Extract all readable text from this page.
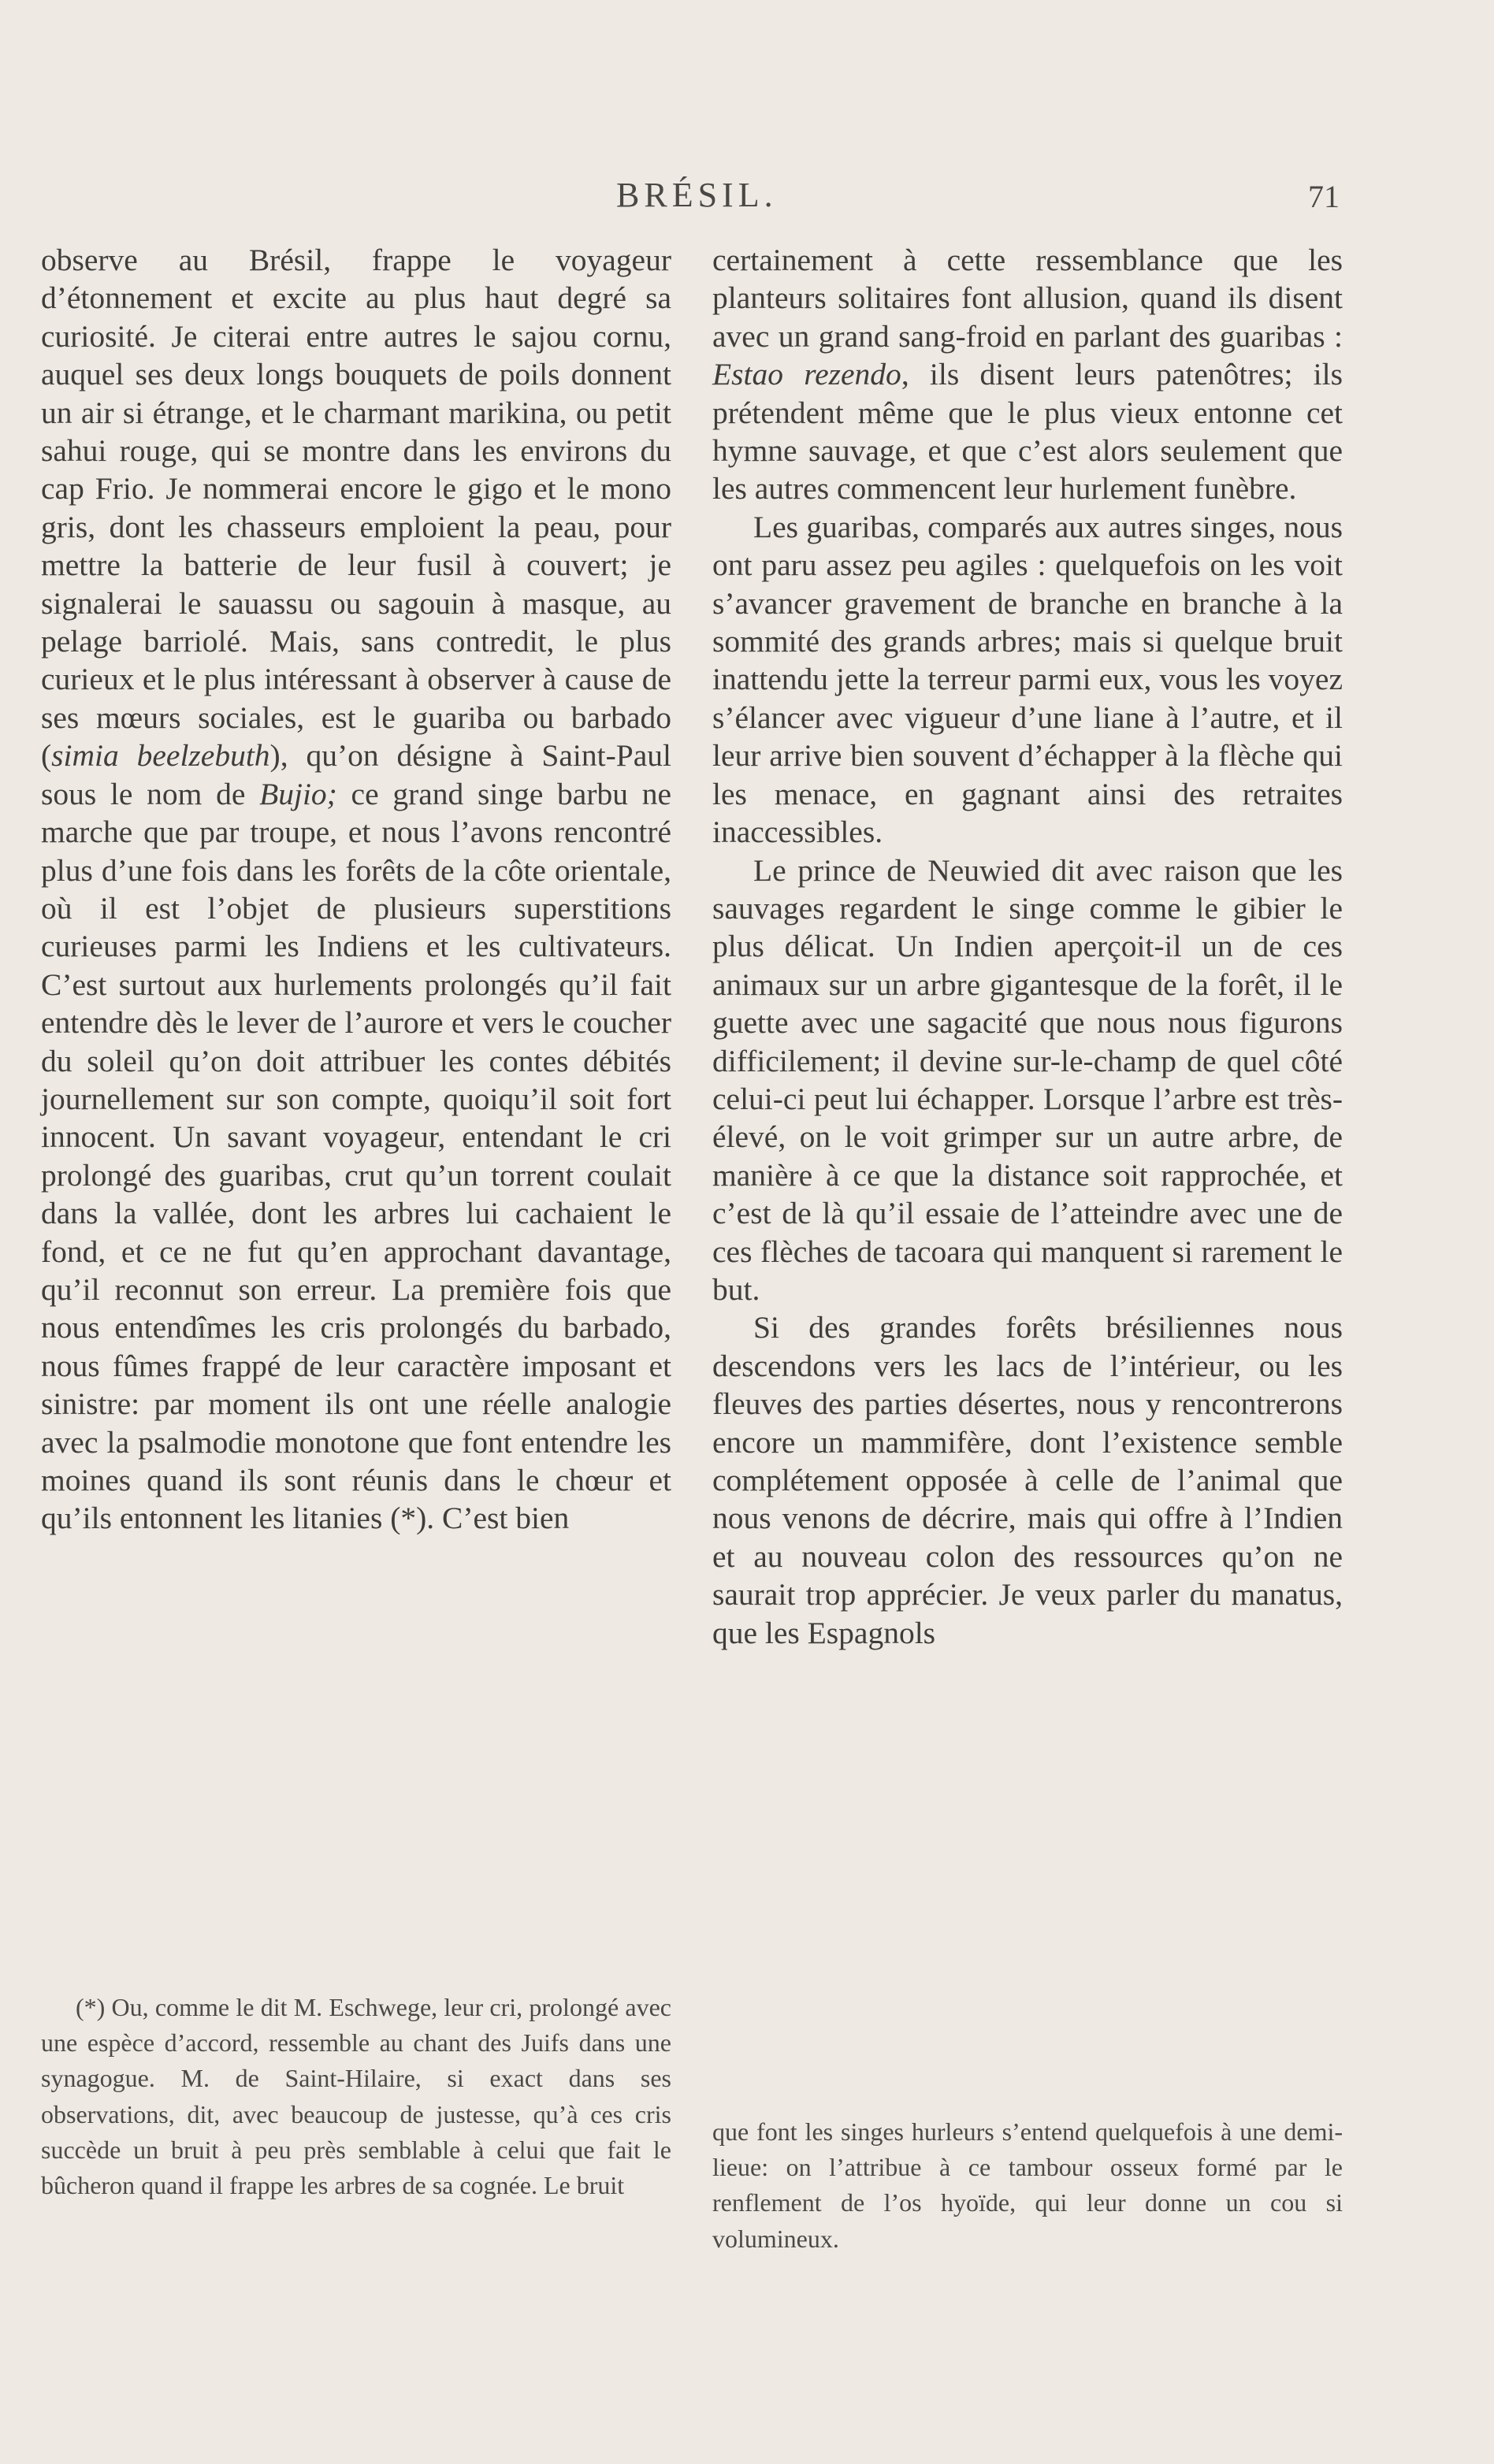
BRÉSIL.	71

observe au Brésil, frappe le voyageur d’étonnement et excite au plus haut degré sa curiosité. Je citerai entre autres le sajou cornu, auquel ses deux longs bouquets de poils donnent un air si étrange, et le charmant marikina, ou petit sahui rouge, qui se montre dans les environs du cap Frio. Je nommerai encore le gigo et le mono gris, dont les chasseurs emploient la peau, pour mettre la batterie de leur fusil à couvert; je signalerai le sauassu ou sagouin à masque, au pelage barriolé. Mais, sans contredit, le plus curieux et le plus intéressant à observer à cause de ses mœurs sociales, est le guariba ou barbado (simia beelzebuth), qu’on désigne à Saint-Paul sous le nom de Bujio; ce grand singe barbu ne marche que par troupe, et nous l’avons rencontré plus d’une fois dans les forêts de la côte orientale, où il est l’objet de plusieurs superstitions curieuses parmi les Indiens et les cultivateurs. C’est surtout aux hurlements prolongés qu’il fait entendre dès le lever de l’aurore et vers le coucher du soleil qu’on doit attribuer les contes débités journellement sur son compte, quoiqu’il soit fort innocent. Un savant voyageur, entendant le cri prolongé des guaribas, crut qu’un torrent coulait dans la vallée, dont les arbres lui cachaient le fond, et ce ne fut qu’en approchant davantage, qu’il reconnut son erreur. La première fois que nous entendîmes les cris prolongés du barbado, nous fûmes frappé de leur caractère imposant et sinistre: par moment ils ont une réelle analogie avec la psalmodie monotone que font entendre les moines quand ils sont réunis dans le chœur et qu’ils entonnent les litanies (*). C’est bien

certainement à cette ressemblance que les planteurs solitaires font allusion, quand ils disent avec un grand sang-froid en parlant des guaribas : Estao rezendo, ils disent leurs patenôtres; ils prétendent même que le plus vieux entonne cet hymne sauvage, et que c’est alors seulement que les autres commencent leur hurlement funèbre.

Les guaribas, comparés aux autres singes, nous ont paru assez peu agiles : quelquefois on les voit s’avancer gravement de branche en branche à la sommité des grands arbres; mais si quelque bruit inattendu jette la terreur parmi eux, vous les voyez s’élancer avec vigueur d’une liane à l’autre, et il leur arrive bien souvent d’échapper à la flèche qui les menace, en gagnant ainsi des retraites inaccessibles.

Le prince de Neuwied dit avec raison que les sauvages regardent le singe comme le gibier le plus délicat. Un Indien aperçoit-il un de ces animaux sur un arbre gigantesque de la forêt, il le guette avec une sagacité que nous nous figurons difficilement; il devine sur-le-champ de quel côté celui-ci peut lui échapper. Lorsque l’arbre est très-élevé, on le voit grimper sur un autre arbre, de manière à ce que la distance soit rapprochée, et c’est de là qu’il essaie de l’atteindre avec une de ces flèches de tacoara qui manquent si rarement le but.

Si des grandes forêts brésiliennes nous descendons vers les lacs de l’intérieur, ou les fleuves des parties désertes, nous y rencontrerons encore un mammifère, dont l’existence semble complétement opposée à celle de l’animal que nous venons de décrire, mais qui offre à l’Indien et au nouveau colon des ressources qu’on ne saurait trop apprécier. Je veux parler du manatus, que les Espagnols

(*) Ou, comme le dit M. Eschwege, leur cri, prolongé avec une espèce d’accord, ressemble au chant des Juifs dans une synagogue. M. de Saint-Hilaire, si exact dans ses observations, dit, avec beaucoup de justesse, qu’à ces cris succède un bruit à peu près semblable à celui que fait le bûcheron quand il frappe les arbres de sa cognée. Le bruit

que font les singes hurleurs s’entend quelquefois à une demi-lieue: on l’attribue à ce tambour osseux formé par le renflement de l’os hyoïde, qui leur donne un cou si volumineux.
